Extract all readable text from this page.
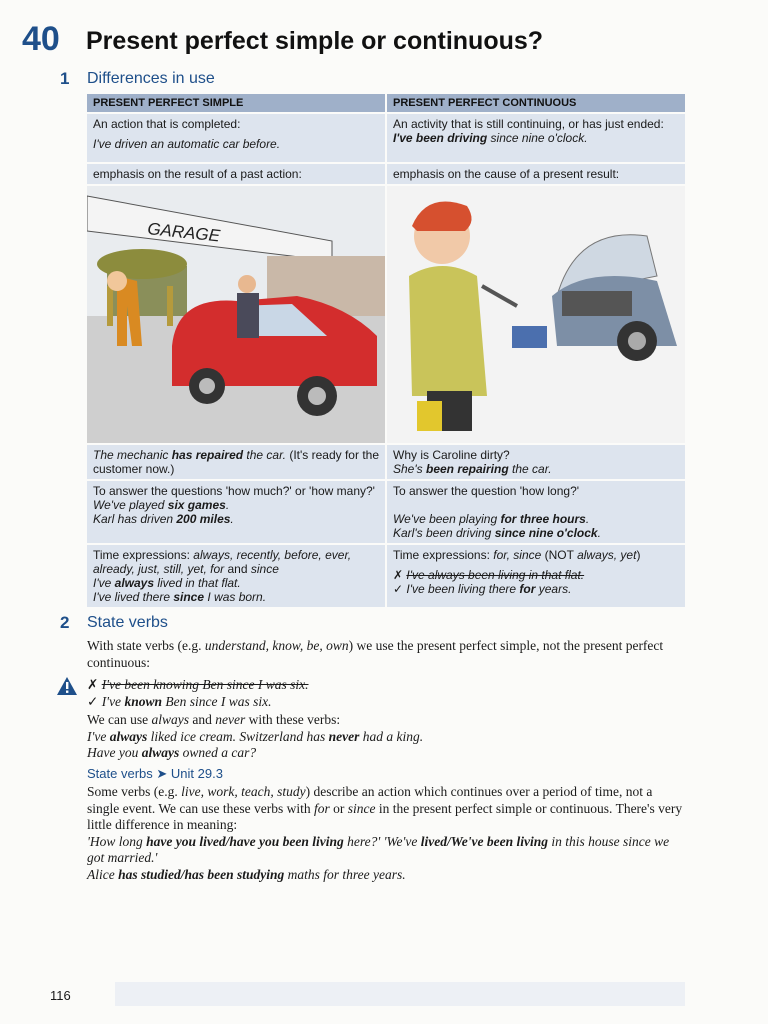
40 Present perfect simple or continuous?
1 Differences in use
PRESENT PERFECT SIMPLE	PRESENT PERFECT CONTINUOUS

An action that is completed:

I've driven an automatic car before.

An activity that is still continuing, or has just ended:

I've been driving since nine o'clock.

emphasis on the result of a past action:	emphasis on the cause of a present result:
GARAGE

The mechanic has repaired the car. (It's ready for the customer now.)

Why is Caroline dirty?

She's been repairing the car.

To answer the questions 'how much?' or 'how many?'

We've played six games.

Karl has driven 200 miles.

To answer the question 'how long?'

We've been playing for three hours.

Karl's been driving since nine o'clock.

Time expressions: always, recently, before, ever, already, just, still, yet, for and since

I've always lived in that flat.

I've lived there since I was born.

Time expressions: for, since (NOT always, yet)

✗ I've always been living in that flat.

✓ I've been living there for years.

2 State verbs

With state verbs (e.g. understand, know, be, own) we use the present perfect simple, not the present perfect continuous:

✗ I've been knowing Ben since I was six.

✓ I've known Ben since I was six.

We can use always and never with these verbs:

I've always liked ice cream. Switzerland has never had a king.

Have you always owned a car?

State verbs ➤ Unit 29.3

Some verbs (e.g. live, work, teach, study) describe an action which continues over a period of time, not a single event. We can use these verbs with for or since in the present perfect simple or continuous. There's very little difference in meaning:

'How long have you lived/have you been living here?' 'We've lived/We've been living in this house since we got married.'

Alice has studied/has been studying maths for three years.

116
